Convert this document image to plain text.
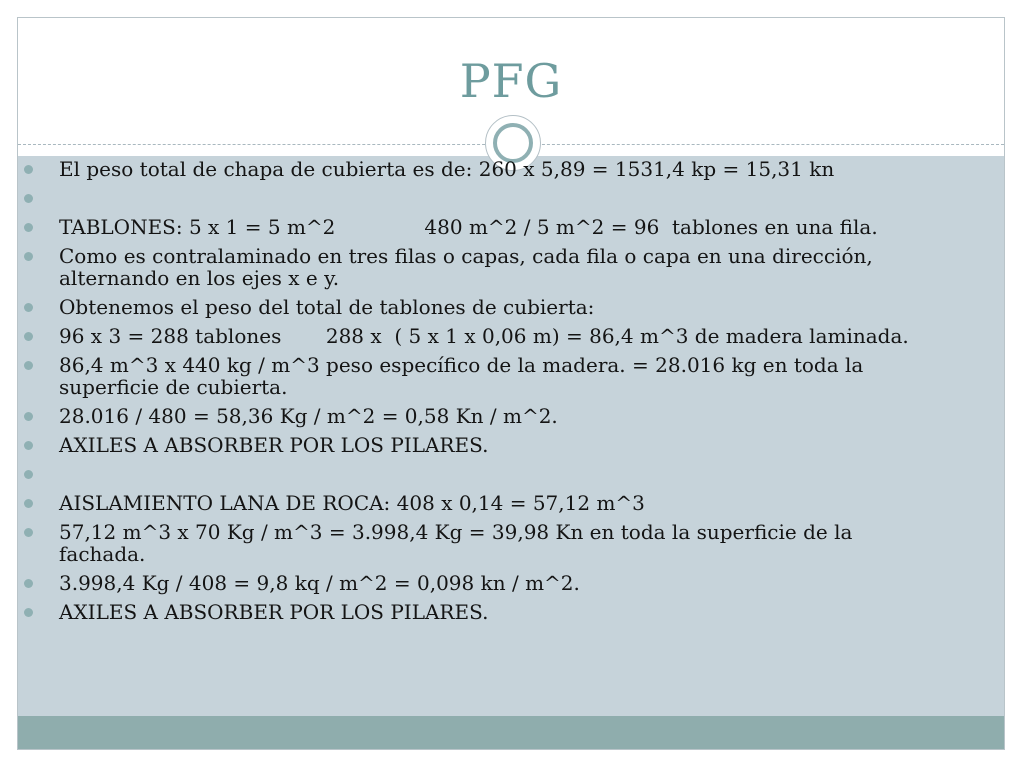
PFG
El peso total de chapa de cubierta es de: 260 x 5,89 = 1531,4 kp = 15,31 kn
TABLONES: 5 x 1 = 5 m^2              480 m^2 / 5 m^2 = 96  tablones en una fila.
Como es contralaminado en tres filas o capas, cada fila o capa en una dirección, alternando en los ejes x e y.
Obtenemos el peso del total de tablones de cubierta:
96 x 3 = 288 tablones       288 x  ( 5 x 1 x 0,06 m) = 86,4 m^3 de madera laminada.
86,4 m^3 x 440 kg / m^3 peso específico de la madera. = 28.016 kg en toda la superficie de cubierta.
28.016 / 480 = 58,36 Kg / m^2 = 0,58 Kn / m^2.
AXILES A ABSORBER POR LOS PILARES.
AISLAMIENTO LANA DE ROCA: 408 x 0,14 = 57,12 m^3
57,12 m^3 x 70 Kg / m^3 = 3.998,4 Kg = 39,98 Kn en toda la superficie de la fachada.
3.998,4 Kg / 408 = 9,8 kq / m^2 = 0,098 kn / m^2.
AXILES A ABSORBER POR LOS PILARES.
